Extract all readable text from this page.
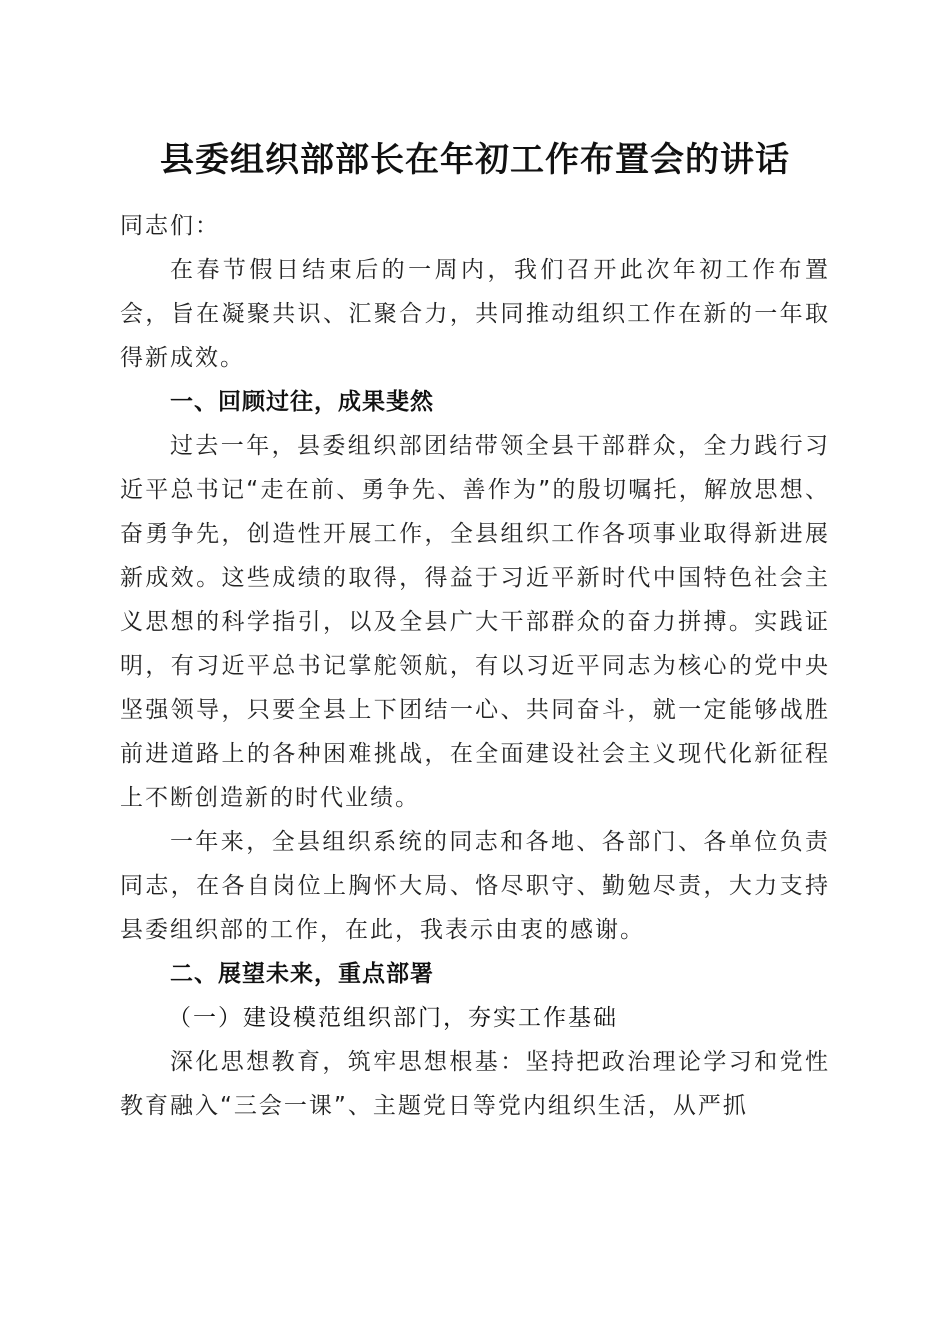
县委组织部部长在年初工作布置会的讲话

同志们：

在春节假日结束后的一周内，我们召开此次年初工作布置会，旨在凝聚共识、汇聚合力，共同推动组织工作在新的一年取得新成效。

一、回顾过往，成果斐然

过去一年，县委组织部团结带领全县干部群众，全力践行习近平总书记“走在前、勇争先、善作为”的殷切嘱托，解放思想、奋勇争先，创造性开展工作，全县组织工作各项事业取得新进展新成效。这些成绩的取得，得益于习近平新时代中国特色社会主义思想的科学指引，以及全县广大干部群众的奋力拼搏。实践证明，有习近平总书记掌舵领航，有以习近平同志为核心的党中央坚强领导，只要全县上下团结一心、共同奋斗，就一定能够战胜前进道路上的各种困难挑战，在全面建设社会主义现代化新征程上不断创造新的时代业绩。

一年来，全县组织系统的同志和各地、各部门、各单位负责同志，在各自岗位上胸怀大局、恪尽职守、勤勉尽责，大力支持县委组织部的工作，在此，我表示由衷的感谢。

二、展望未来，重点部署

（一）建设模范组织部门，夯实工作基础

深化思想教育，筑牢思想根基：坚持把政治理论学习和党性教育融入“三会一课”、主题党日等党内组织生活，从严抓
